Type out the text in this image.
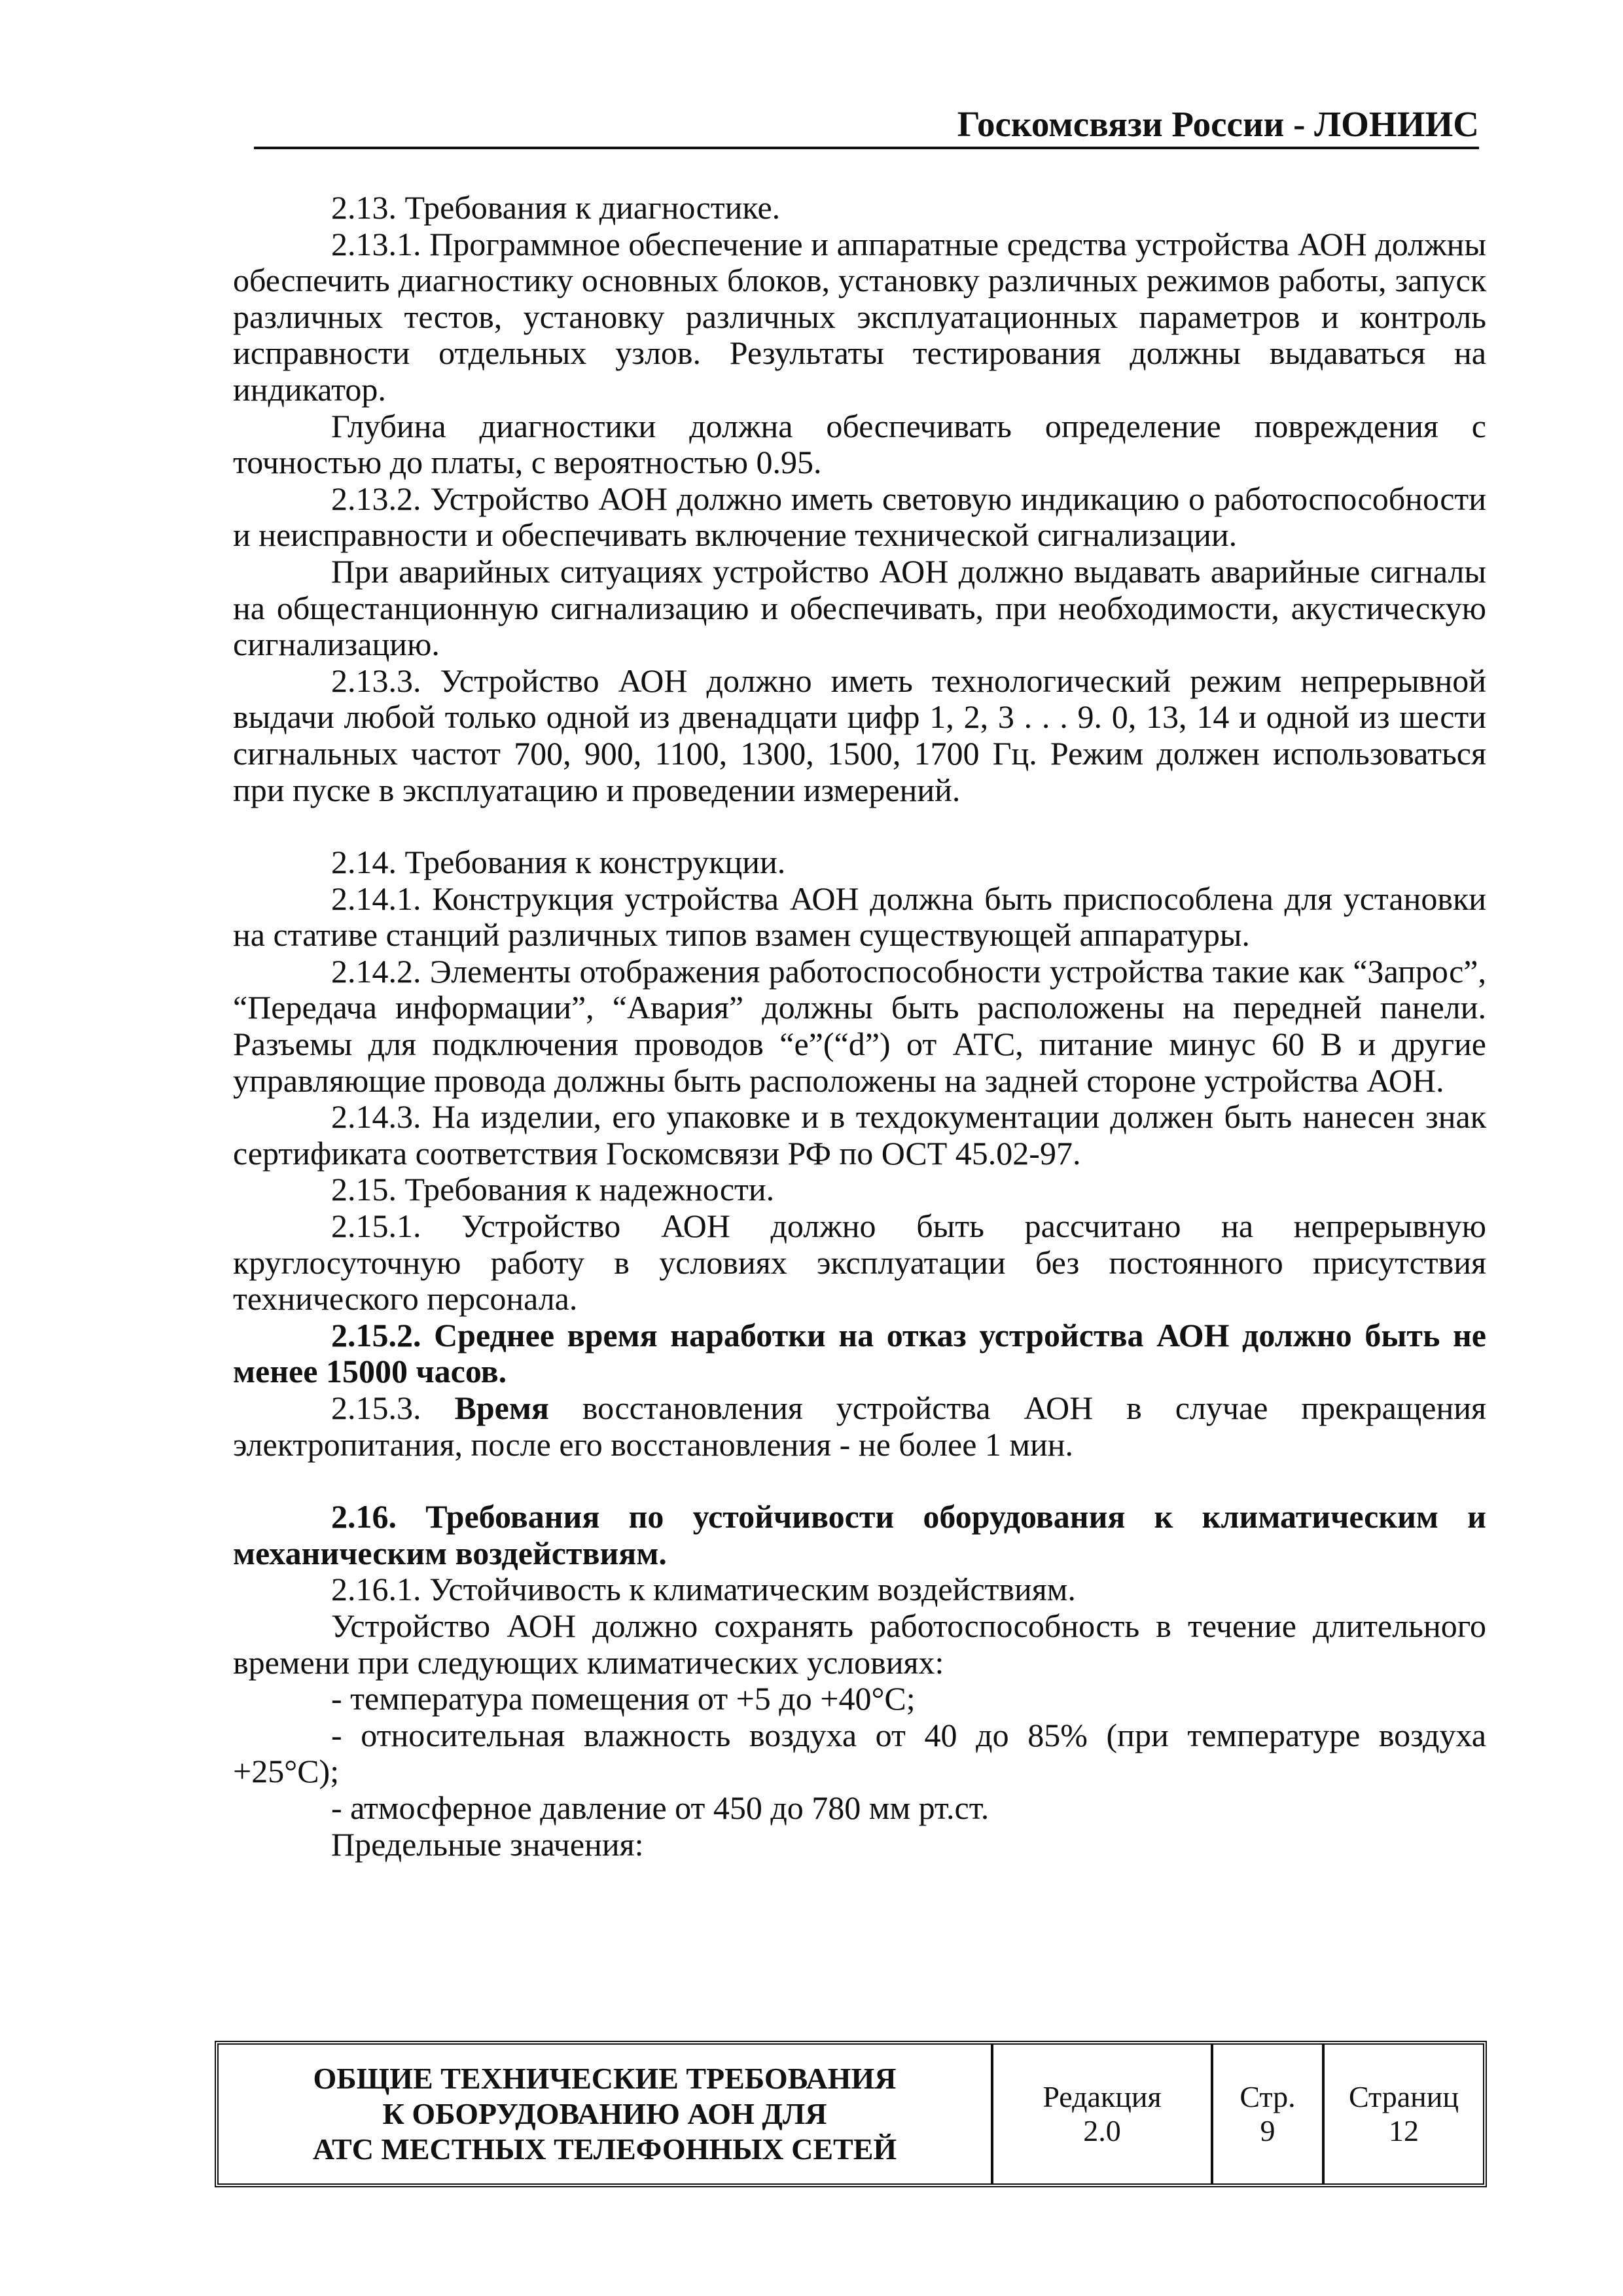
Госкомсвязи России - ЛОНИИС

2.13. Требования к диагностике.

2.13.1. Программное обеспечение и аппаратные средства устройства АОН должны обеспечить диагностику основных блоков, установку различных режимов работы, запуск различных тестов, установку различных эксплуатационных параметров и контроль исправности отдельных узлов. Результаты тестирования должны выдаваться на индикатор.

Глубина диагностики должна обеспечивать определение повреждения с точностью до платы, с вероятностью 0.95.

2.13.2. Устройство АОН должно иметь световую индикацию о работоспособности и неисправности и обеспечивать включение технической сигнализации.

При аварийных ситуациях устройство АОН должно выдавать аварийные сигналы на общестанционную сигнализацию и обеспечивать, при необходимости, акустическую сигнализацию.

2.13.3. Устройство АОН должно иметь технологический режим непрерывной выдачи любой только одной из двенадцати цифр 1, 2, 3 . . . 9. 0, 13, 14 и одной из шести сигнальных частот 700, 900, 1100, 1300, 1500, 1700 Гц. Режим должен использоваться при пуске в эксплуатацию и проведении измерений.

2.14. Требования к конструкции.

2.14.1. Конструкция устройства АОН должна быть приспособлена для установки на стативе станций различных типов взамен существующей аппаратуры.

2.14.2. Элементы отображения работоспособности устройства такие как “Запрос”, “Передача информации”, “Авария” должны быть расположены на передней панели. Разъемы для подключения проводов “е”(“d”) от АТС, питание минус 60 В и другие управляющие провода должны быть расположены на задней стороне устройства АОН.

2.14.3. На изделии, его упаковке и в техдокументации должен быть нанесен знак сертификата соответствия Госкомсвязи РФ по ОСТ 45.02-97.

2.15. Требования к надежности.

2.15.1. Устройство АОН должно быть рассчитано на непрерывную круглосуточную работу в условиях эксплуатации без постоянного присутствия технического персонала.

2.15.2. Среднее время наработки на отказ устройства АОН должно быть не менее 15000 часов.

2.15.3. Время восстановления устройства АОН в случае прекращения электропитания, после его восстановления - не более 1 мин.

2.16. Требования по устойчивости оборудования к климатическим и механическим воздействиям.

2.16.1. Устойчивость к климатическим воздействиям.

Устройство АОН должно сохранять работоспособность в течение длительного времени при следующих климатических условиях:

- температура помещения от +5 до +40°С;

- относительная влажность воздуха от 40 до 85% (при температуре воздуха +25°С);

- атмосферное давление от 450 до 780 мм рт.ст.

Предельные значения:

ОБЩИЕ ТЕХНИЧЕСКИЕ ТРЕБОВАНИЯ
К ОБОРУДОВАНИЮ АОН ДЛЯ
АТС МЕСТНЫХ ТЕЛЕФОННЫХ СЕТЕЙ
Редакция
2.0
Стр.
9
Страниц
12
